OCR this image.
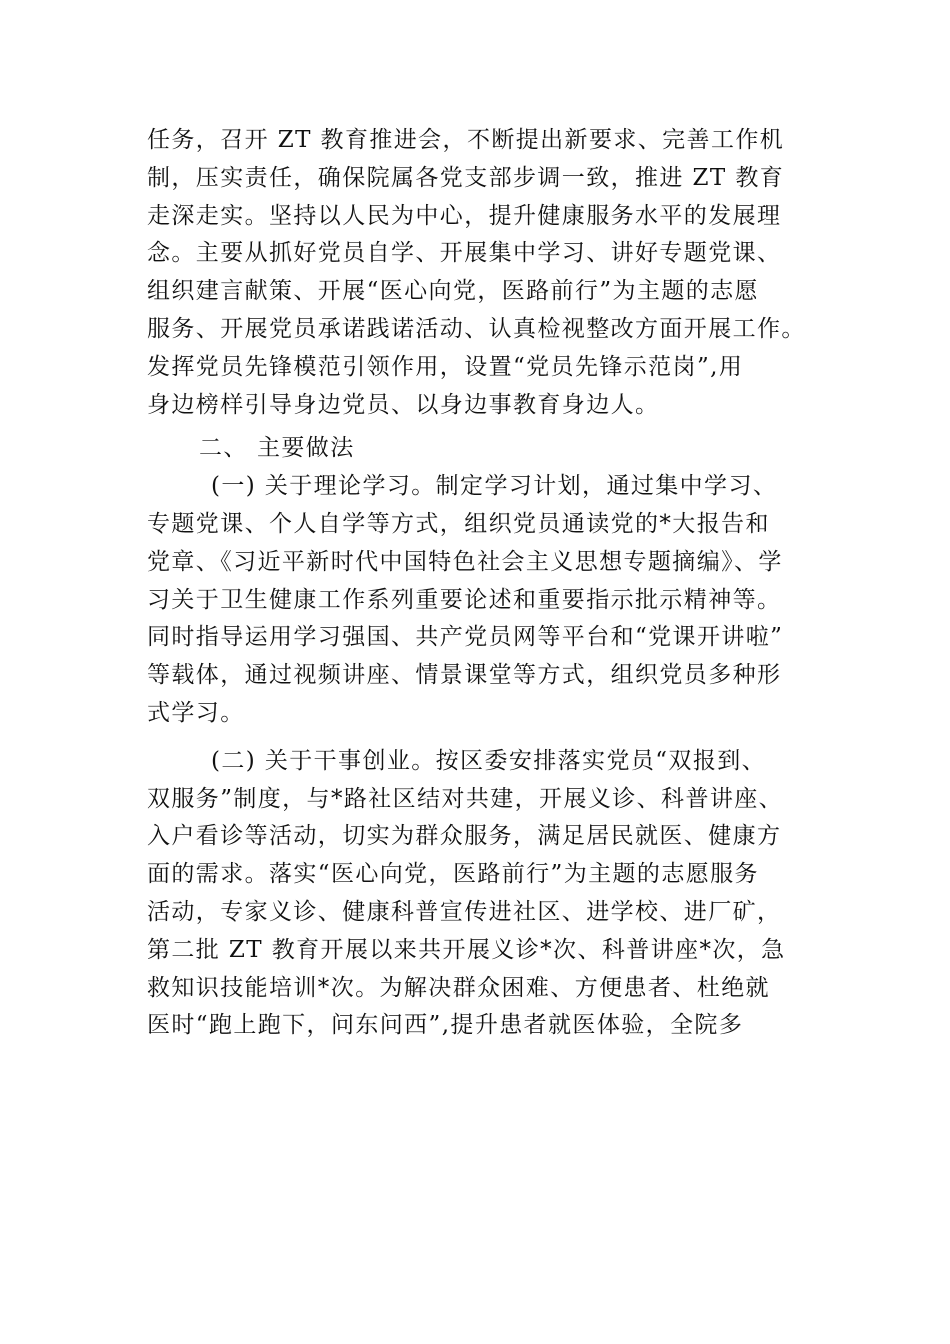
任务，召开 ZT 教育推进会，不断提出新要求、完善工作机
制，压实责任，确保院属各党支部步调一致，推进 ZT 教育
走深走实。坚持以人民为中心，提升健康服务水平的发展理
念。主要从抓好党员自学、开展集中学习、讲好专题党课、
组织建言献策、开展“医心向党，医路前行”为主题的志愿
服务、开展党员承诺践诺活动、认真检视整改方面开展工作。
发挥党员先锋模范引领作用，设置“党员先锋示范岗”,用
身边榜样引导身边党员、以身边事教育身边人。
二、 主要做法
(一) 关于理论学习。制定学习计划，通过集中学习、
专题党课、个人自学等方式，组织党员通读党的*大报告和
党章、《习近平新时代中国特色社会主义思想专题摘编》、学
习关于卫生健康工作系列重要论述和重要指示批示精神等。
同时指导运用学习强国、共产党员网等平台和“党课开讲啦”
等载体，通过视频讲座、情景课堂等方式，组织党员多种形
式学习。
(二) 关于干事创业。按区委安排落实党员“双报到、
双服务”制度，与*路社区结对共建，开展义诊、科普讲座、
入户看诊等活动，切实为群众服务，满足居民就医、健康方
面的需求。落实“医心向党，医路前行”为主题的志愿服务
活动，专家义诊、健康科普宣传进社区、进学校、进厂矿，
第二批 ZT 教育开展以来共开展义诊*次、科普讲座*次，急
救知识技能培训*次。为解决群众困难、方便患者、杜绝就
医时“跑上跑下，问东问西”,提升患者就医体验，全院多
